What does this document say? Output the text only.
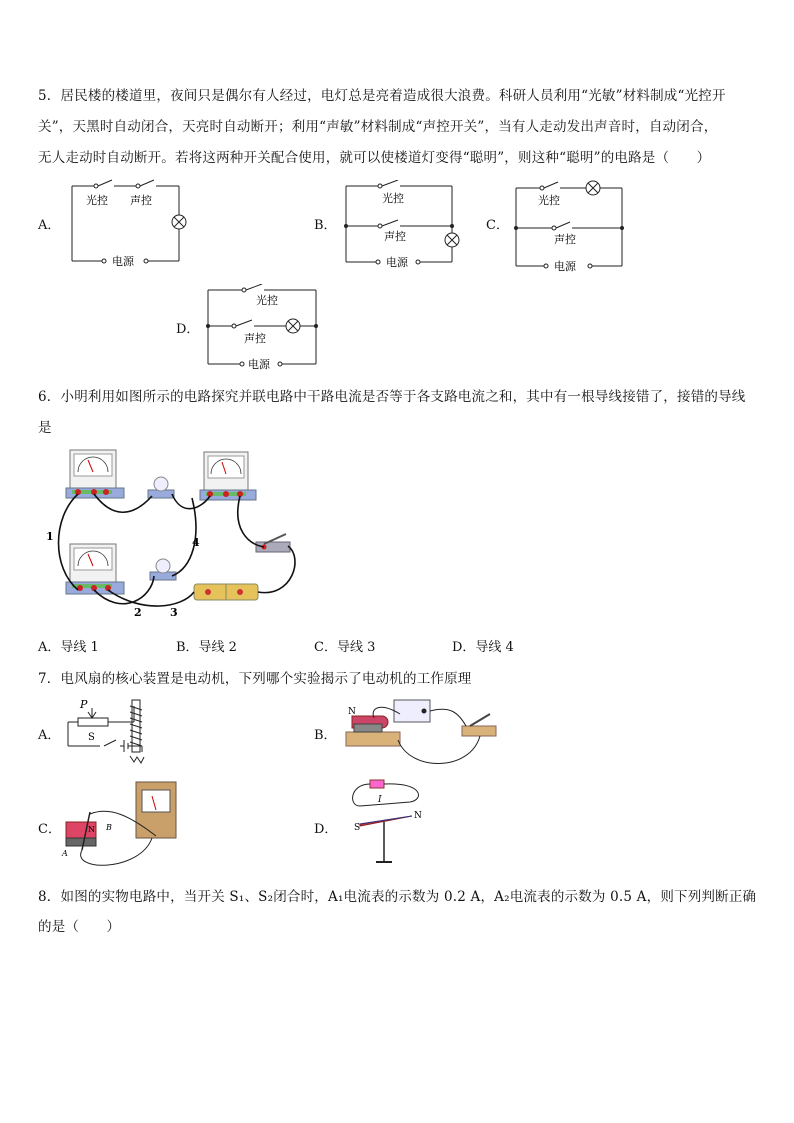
5．居民楼的楼道里，夜间只是偶尔有人经过，电灯总是亮着造成很大浪费。科研人员利用“光敏”材料制成“光控开
关”，天黑时自动闭合，天亮时自动断开；利用“声敏”材料制成“声控开关”，当有人走动发出声音时，自动闭合，
无人走动时自动断开。若将这两种开关配合使用，就可以使楼道灯变得“聪明”，则这种“聪明”的电路是（　　）
A．
光控 声控
电源
B．
光控
声控
电源
C．
光控
声控
电源
D．
光控
声控
电源
6．小明利用如图所示的电路探究并联电路中干路电流是否等于各支路电流之和，其中有一根导线接错了，接错的导线
是
1
2	3
4
A．导线 1	B．导线 2	C．导线 3	D．导线 4
7．电风扇的核心装置是电动机，下列哪个实验揭示了电动机的工作原理
A．
P
S	B．
N
C．	N B
A
D．
I
S
N
8．如图的实物电路中，当开关 S₁、S₂闭合时，A₁电流表的示数为 0.2 A，A₂电流表的示数为 0.5 A，则下列判断正确
的是（　　）
